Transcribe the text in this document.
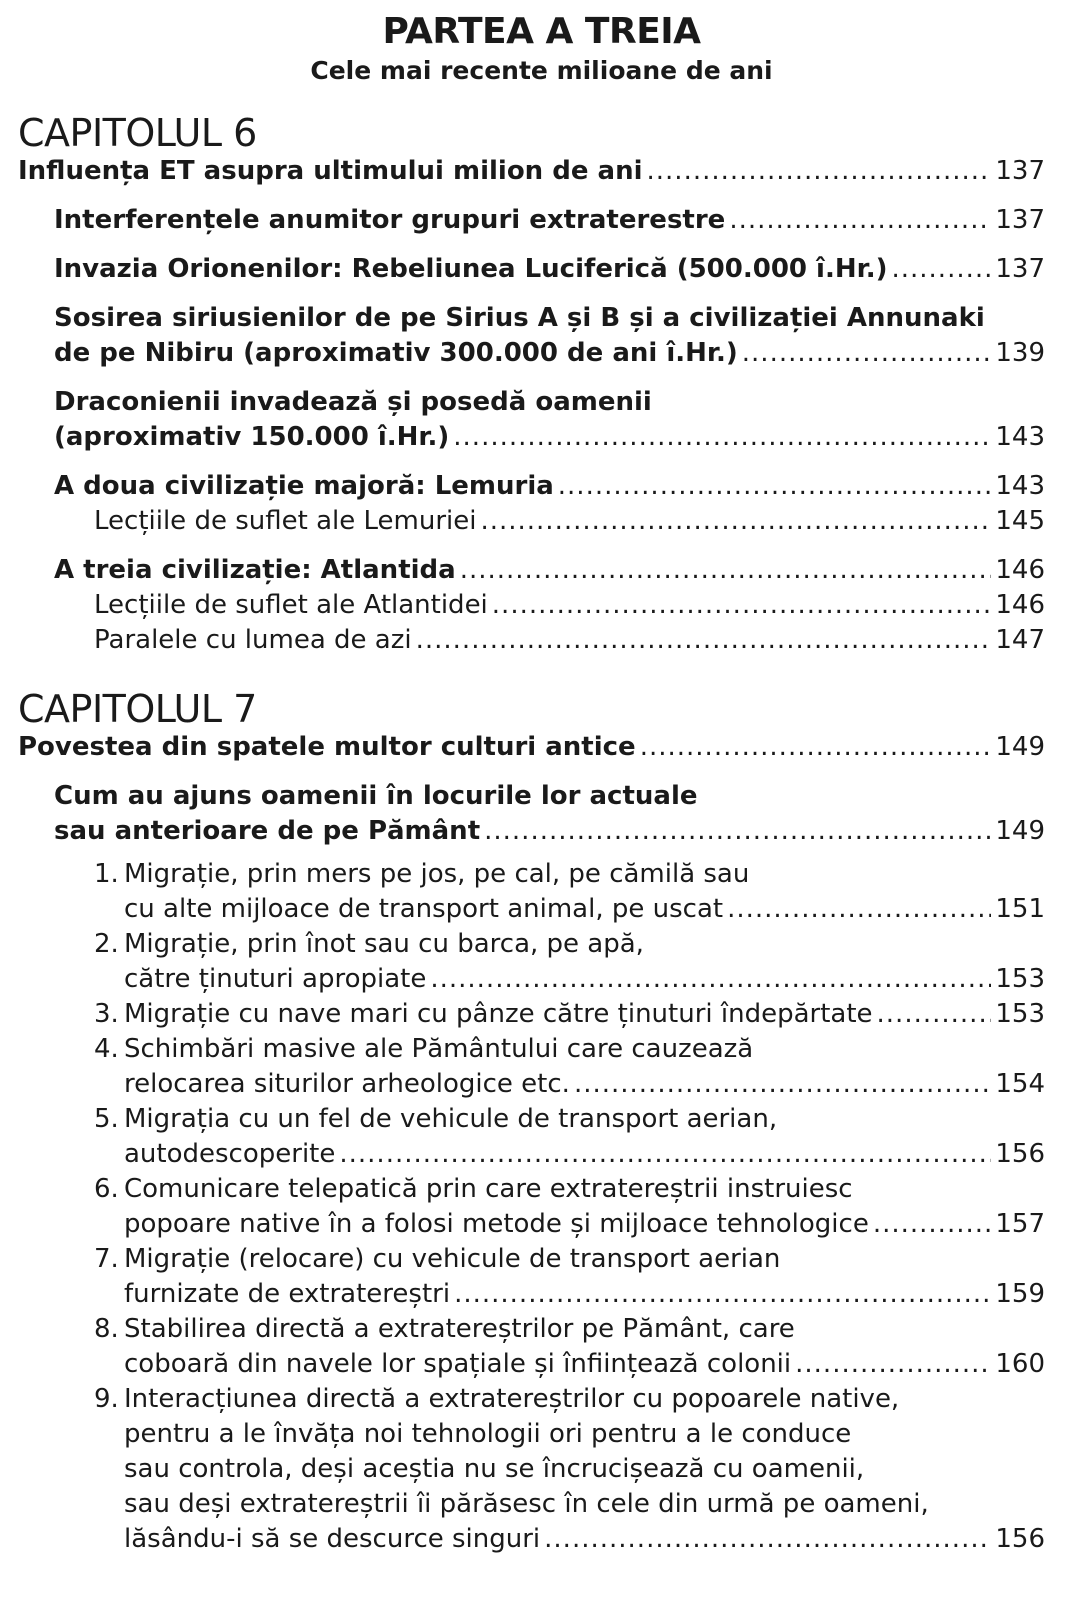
PARTEA A TREIA
Cele mai recente milioane de ani
CAPITOLUL 6
Influența ET asupra ultimului milion de ani .....	137
Interferențele anumitor grupuri extraterestre .....	137
Invazia Orionenilor: Rebeliunea Luciferică (500.000 î.Hr.) .....	137
Sosirea siriusienilor de pe Sirius A și B și a civilizației Annunaki
de pe Nibiru (aproximativ 300.000 de ani î.Hr.) .....	139
Draconienii invadează și posedă oamenii
(aproximativ 150.000 î.Hr.) .....	143
A doua civilizație majoră: Lemuria .....	143
Lecțiile de suflet ale Lemuriei .....	145
A treia civilizație: Atlantida .....	146
Lecțiile de suflet ale Atlantidei .....	146
Paralele cu lumea de azi .....	147
CAPITOLUL 7
Povestea din spatele multor culturi antice .....	149
Cum au ajuns oamenii în locurile lor actuale
sau anterioare de pe Pământ .....	149
1. Migrație, prin mers pe jos, pe cal, pe cămilă sau
cu alte mijloace de transport animal, pe uscat .....	151
2. Migrație, prin înot sau cu barca, pe apă,
către ținuturi apropiate .....	153
3. Migrație cu nave mari cu pânze către ținuturi îndepărtate .....	153
4. Schimbări masive ale Pământului care cauzează
relocarea siturilor arheologice etc. .....	154
5. Migrația cu un fel de vehicule de transport aerian,
autodescoperite .....	156
6. Comunicare telepatică prin care extratereștrii instruiesc
popoare native în a folosi metode și mijloace tehnologice .....	157
7. Migrație (relocare) cu vehicule de transport aerian
furnizate de extratereștri .....	159
8. Stabilirea directă a extratereștrilor pe Pământ, care
coboară din navele lor spațiale și înființează colonii .....	160
9. Interacțiunea directă a extratereștrilor cu popoarele native,
pentru a le învăța noi tehnologii ori pentru a le conduce
sau controla, deși aceștia nu se încrucișează cu oamenii,
sau deși extratereștrii îi părăsesc în cele din urmă pe oameni,
lăsându-i să se descurce singuri .....	156
